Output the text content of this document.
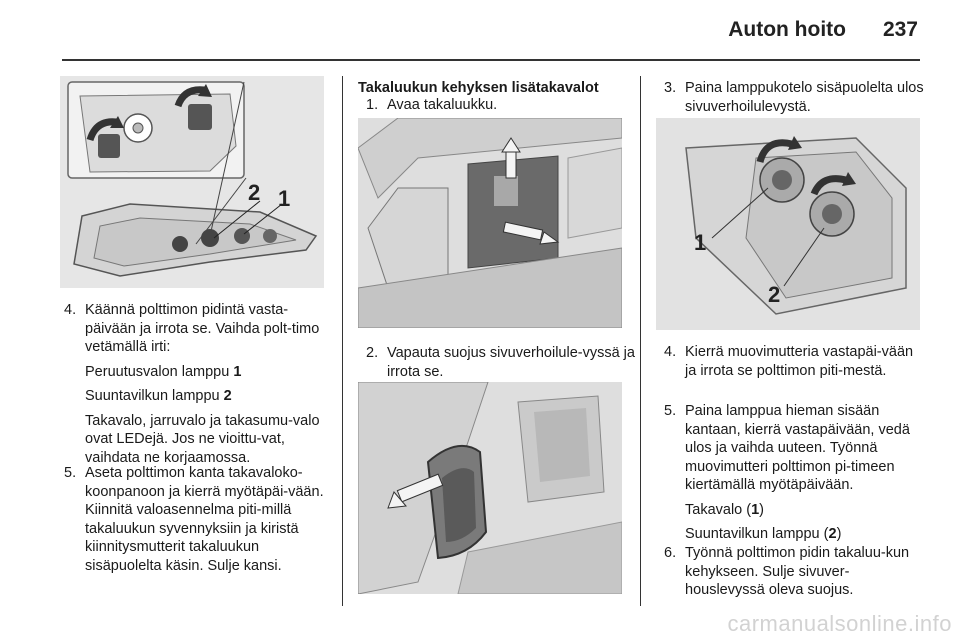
Auton hoito	237
2 1
4. Käännä polttimon pidintä vasta-päivään ja irrota se. Vaihda polt-timo vetämällä irti:

Peruutusvalon lamppu 1

Suuntavilkun lamppu 2

Takavalo, jarruvalo ja takasumu-valo ovat LEDejä. Jos ne vioittu-vat, vaihdata ne korjaamossa.

5. Aseta polttimon kanta takavaloko-koonpanoon ja kierrä myötäpäi-vään. Kiinnitä valoasennelma piti-millä takaluukun syvennyksiin ja kiristä kiinnitysmutterit takaluukun sisäpuolelta käsin. Sulje kansi.

Takaluukun kehyksen lisätakavalot
1. Avaa takaluukku.

2. Vapauta suojus sivuverhoilule-vyssä ja irrota se.

3. Paina lamppukotelo sisäpuolelta ulos sivuverhoilulevystä.

1
2
4. Kierrä muovimutteria vastapäi-vään ja irrota se polttimon piti-mestä.

5. Paina lamppua hieman sisään kantaan, kierrä vastapäivään, vedä ulos ja vaihda uuteen. Työnnä muovimutteri polttimon pi-timeen kiertämällä myötäpäivään.

Takavalo (1)

Suuntavilkun lamppu (2)

6. Työnnä polttimon pidin takaluu-kun kehykseen. Sulje sivuver-houslevyssä oleva suojus.

carmanualsonline.info
